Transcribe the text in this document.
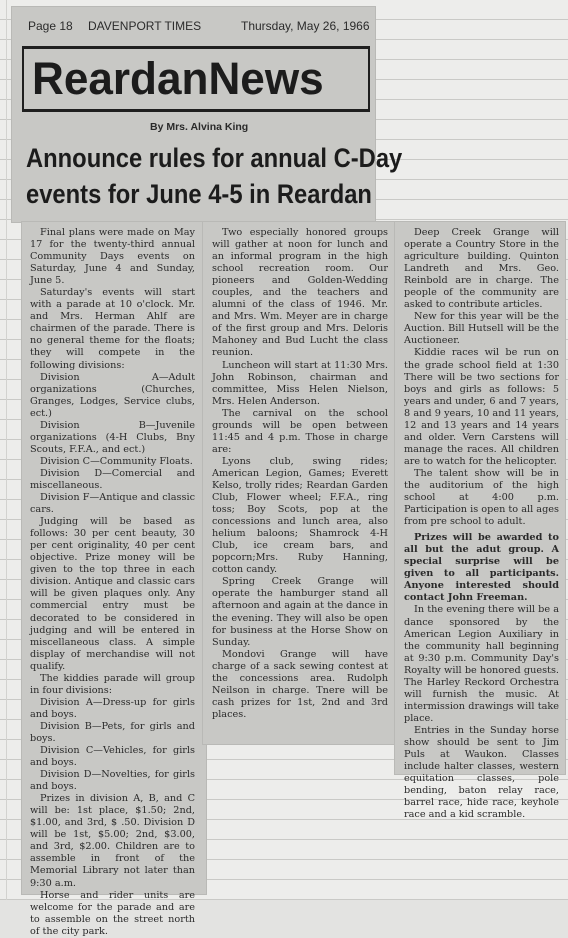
Page 18 DAVENPORT TIMES	Thursday, May 26, 1966
ReardanNews
By Mrs. Alvina King
Announce rules for annual C-Day
events for June 4-5 in Reardan

Final plans were made on May 17 for the twenty-third annual Community Days events on Saturday, June 4 and Sunday, June 5.

Saturday's events will start with a parade at 10 o'clock. Mr. and Mrs. Herman Ahlf are chairmen of the parade. There is no general theme for the floats; they will compete in the following divisions:

Division A—Adult organizations (Churches, Granges, Lodges, Service clubs, ect.)

Division B—Juvenile organizations (4-H Clubs, Bny Scouts, F.F.A., and ect.)

Division C—Community Floats.

Division D—Comercial and miscellaneous.

Division F—Antique and classic cars.

Judging will be based as follows: 30 per cent beauty, 30 per cent originality, 40 per cent objective. Prize money will be given to the top three in each division. Antique and classic cars will be given plaques only. Any commercial entry must be decorated to be considered in judging and will be entered in miscellaneous class. A simple display of merchandise will not qualify.

The kiddies parade will group in four divisions:

Division A—Dress-up for girls and boys.

Division B—Pets, for girls and boys.

Division C—Vehicles, for girls and boys.

Division D—Novelties, for girls and boys.

Prizes in division A, B, and C will be: 1st place, $1.50; 2nd, $1.00, and 3rd, $ .50. Division D will be 1st, $5.00; 2nd, $3.00, and 3rd, $2.00. Children are to assemble in front of the Memorial Library not later than 9:30 a.m.

Horse and rider units are welcome for the parade and are to assemble on the street north of the city park.

Two especially honored groups will gather at noon for lunch and an informal program in the high school recreation room. Our pioneers and Golden-Wedding couples, and the teachers and alumni of the class of 1946. Mr. and Mrs. Wm. Meyer are in charge of the first group and Mrs. Deloris Mahoney and Bud Lucht the class reunion.

Luncheon will start at 11:30 Mrs. John Robinson, chairman and committee, Miss Helen Nielson, Mrs. Helen Anderson.

The carnival on the school grounds will be open between 11:45 and 4 p.m. Those in charge are:

Lyons club, swing rides; American Legion, Games; Everett Kelso, trolly rides; Reardan Garden Club, Flower wheel; F.F.A., ring toss; Boy Scots, pop at the concessions and lunch area, also helium baloons; Shamrock 4-H Club, ice cream bars, and popcorn;Mrs. Ruby Hanning, cotton candy.

Spring Creek Grange will operate the hamburger stand all afternoon and again at the dance in the evening. They will also be open for business at the Horse Show on Sunday.

Mondovi Grange will have charge of a sack sewing contest at the concessions area. Rudolph Neilson in charge. Tnere will be cash prizes for 1st, 2nd and 3rd places.

Deep Creek Grange will operate a Country Store in the agriculture building. Quinton Landreth and Mrs. Geo. Reinbold are in charge. The people of the community are asked to contribute articles.

New for this year will be the Auction. Bill Hutsell will be the Auctioneer.

Kiddie races wil be run on the grade school field at 1:30 There will be two sections for boys and girls as follows: 5 years and under, 6 and 7 years, 8 and 9 years, 10 and 11 years, 12 and 13 years and 14 years and older. Vern Carstens will manage the races. All children are to watch for the helicopter.

The talent show will be in the auditorium of the high school at 4:00 p.m. Participation is open to all ages from pre school to adult.

Prizes will be awarded to all but the adut group. A special surprise will be given to all participants. Anyone interested should contact John Freeman.

In the evening there will be a dance sponsored by the American Legion Auxiliary in the community hall beginning at 9:30 p.m. Community Day's Royalty will be honored guests. The Harley Reckord Orchestra will furnish the music. At intermission drawings will take place.

Entries in the Sunday horse show should be sent to Jim Puls at Waukon. Classes include halter classes, western equitation classes, pole bending, baton relay race, barrel race, hide race, keyhole race and a kid scramble.
